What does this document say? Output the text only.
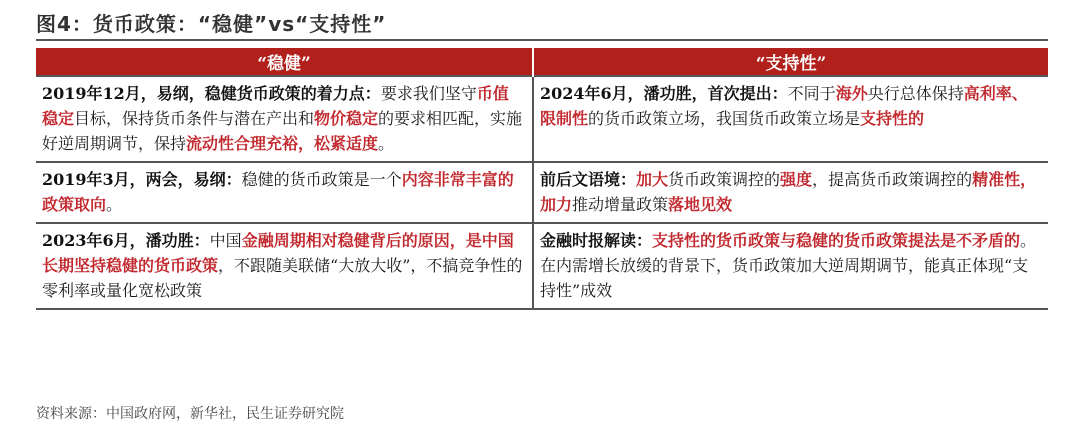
图4：货币政策：“稳健”vs“支持性”
“稳健”	“支持性”
2019年12月，易纲，稳健货币政策的着力点：要求我们坚守币值稳定目标，保持货币条件与潜在产出和物价稳定的要求相匹配，实施好逆周期调节，保持流动性合理充裕，松紧适度。	2024年6月，潘功胜，首次提出：不同于海外央行总体保持高利率、限制性的货币政策立场，我国货币政策立场是支持性的
2019年3月，两会，易纲：稳健的货币政策是一个内容非常丰富的政策取向。	前后文语境：加大货币政策调控的强度，提高货币政策调控的精准性，加力推动增量政策落地见效
2023年6月，潘功胜：中国金融周期相对稳健背后的原因，是中国长期坚持稳健的货币政策，不跟随美联储“大放大收”，不搞竞争性的零利率或量化宽松政策	金融时报解读：支持性的货币政策与稳健的货币政策提法是不矛盾的。在内需增长放缓的背景下，货币政策加大逆周期调节，能真正体现“支持性”成效
资料来源：中国政府网，新华社，民生证券研究院
